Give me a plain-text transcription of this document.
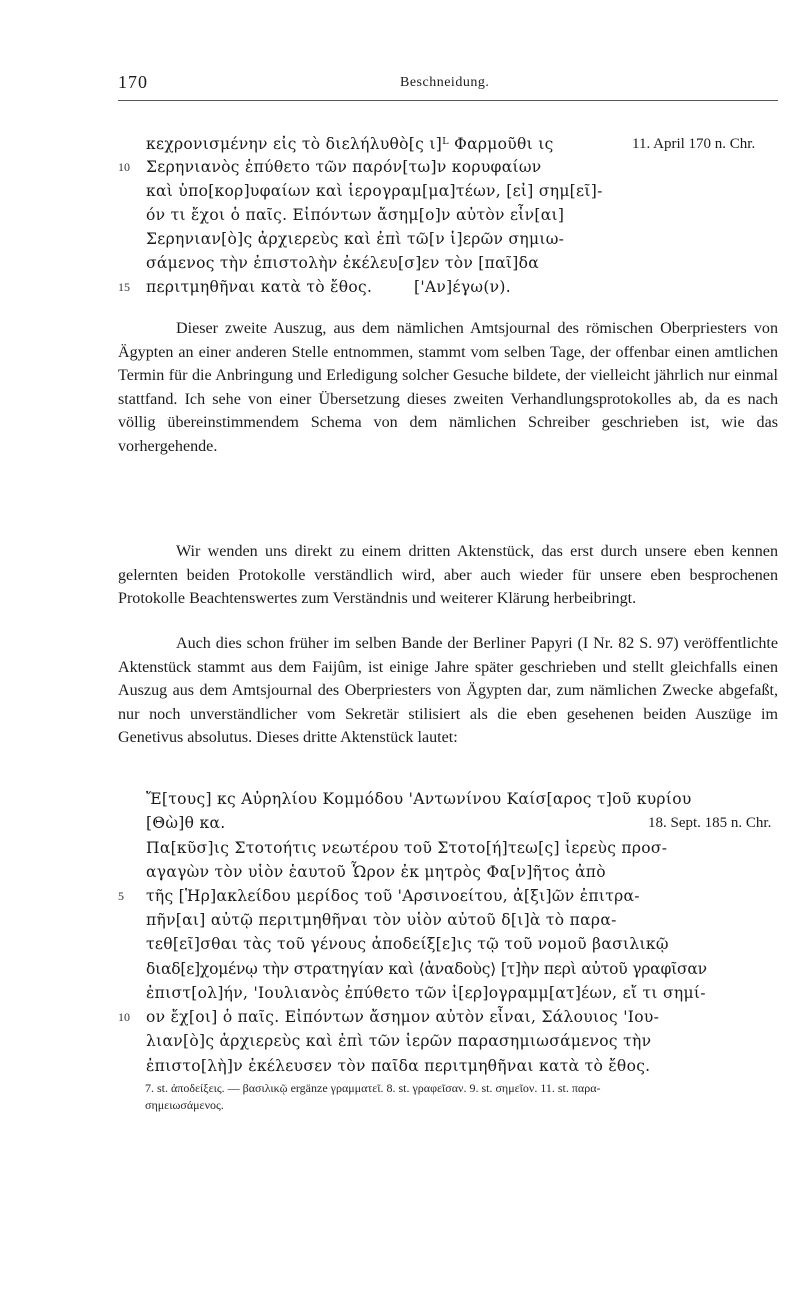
170	Beschneidung.
κεχρονισμένην εἰς τὸ διελήλυθὸ[ς ι]ᴸ Φαρμοῦθι ις	11. April 170 n. Chr.
10 Σερηνιανὸς ἐπύθετο τῶν παρόν[τω]ν κορυφαίων
καὶ ὑπο[κορ]υφαίων καὶ ἱερογραμ[μα]τέων, [εἰ] σημ[εῖ]-
όν τι ἔχοι ὁ παῖς. Εἰπόντων ἄσημ[ο]ν αὐτὸν εἶν[αι]
Σερηνιαν[ὸ]ς ἀρχιερεὺς καὶ ἐπὶ τῶ[ν ἱ]ερῶν σημιω-
σάμενος τὴν ἐπιστολὴν ἐκέλευ[σ]εν τὸν [παῖ]δα
15 περιτμηθῆναι κατὰ τὸ ἔθος.        ['Αν]έγω(ν).

Dieser zweite Auszug, aus dem nämlichen Amtsjournal des römischen Oberpriesters von Ägypten an einer anderen Stelle entnommen, stammt vom selben Tage, der offenbar einen amtlichen Termin für die Anbringung und Erledigung solcher Gesuche bildete, der vielleicht jährlich nur einmal stattfand. Ich sehe von einer Übersetzung dieses zweiten Verhandlungsprotokolles ab, da es nach völlig übereinstimmendem Schema von dem nämlichen Schreiber geschrieben ist, wie das vorhergehende.

Wir wenden uns direkt zu einem dritten Aktenstück, das erst durch unsere eben kennen gelernten beiden Protokolle verständlich wird, aber auch wieder für unsere eben besprochenen Protokolle Beachtenswertes zum Verständnis und weiterer Klärung herbeibringt.

Auch dies schon früher im selben Bande der Berliner Papyri (I Nr. 82 S. 97) veröffentlichte Aktenstück stammt aus dem Faijûm, ist einige Jahre später geschrieben und stellt gleichfalls einen Auszug aus dem Amtsjournal des Oberpriesters von Ägypten dar, zum nämlichen Zwecke abgefaßt, nur noch unverständlicher vom Sekretär stilisiert als die eben gesehenen beiden Auszüge im Genetivus absolutus. Dieses dritte Aktenstück lautet:

Ἔ[τους] κς Αὐρηλίου Κομμόδου 'Αντωνίνου Καίσ[αρος τ]οῦ κυρίου
[Θὼ]θ κα.	18. Sept. 185 n. Chr.
Πα[κῦσ]ις Στοτοήτις νεωτέρου τοῦ Στοτο[ή]τεω[ς] ἱερεὺς προσ-
αγαγὼν τὸν υἱὸν ἑαυτοῦ Ὧρον ἐκ μητρὸς Φα[ν]ῆτος ἀπὸ
5 τῆς [Ἡρ]ακλείδου μερίδος τοῦ 'Αρσινοείτου, ἀ[ξι]ῶν ἐπιτρα-
πῆν[αι] αὐτῷ περιτμηθῆναι τὸν υἱὸν αὐτοῦ δ[ι]ὰ τὸ παρα-
τεθ[εῖ]σθαι τὰς τοῦ γένους ἀποδείξ[ε]ις τῷ τοῦ νομοῦ βασιλικῷ
διαδ[ε]χομένῳ τὴν στρατηγίαν καὶ ⟨ἀναδοὺς⟩ [τ]ὴν περὶ αὐτοῦ γραφῖσαν
ἐπιστ[ολ]ήν, 'Ιουλιανὸς ἐπύθετο τῶν ἱ[ερ]ογραμμ[ατ]έων, εἴ τι σημί-
10 ον ἔχ[οι] ὁ παῖς. Εἰπόντων ἄσημον αὐτὸν εἶναι, Σάλουιος 'Ιου-
λιαν[ὸ]ς ἀρχιερεὺς καὶ ἐπὶ τῶν ἱερῶν παρασημιωσάμενος τὴν
ἐπιστο[λὴ]ν ἐκέλευσεν τὸν παῖδα περιτμηθῆναι κατὰ τὸ ἔθος.
7. st. ἀποδείξεις. — βασιλικῷ ergänze γραμματεῖ. 8. st. γραφεῖσαν. 9. st. σημεῖον. 11. st. παρα-
σημειωσάμενος.
